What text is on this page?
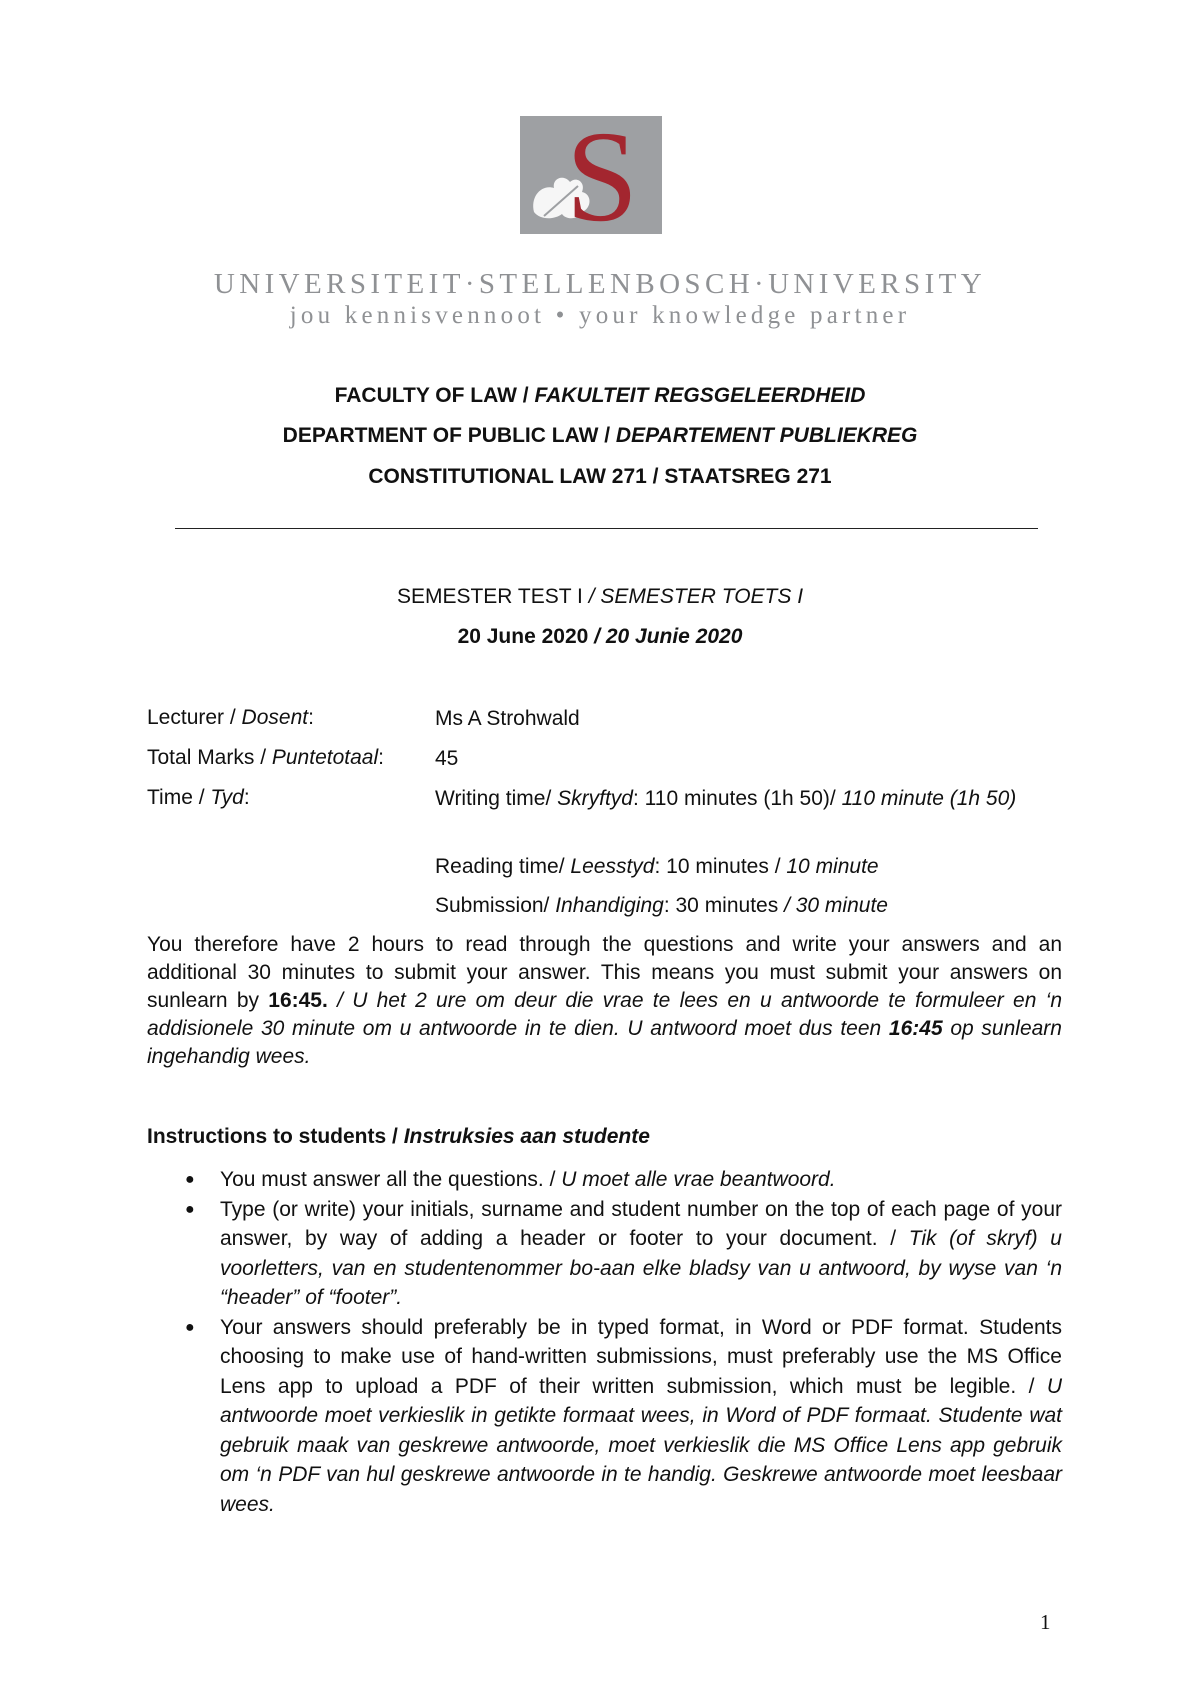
S
UNIVERSITEIT·STELLENBOSCH·UNIVERSITY
jou kennisvennoot • your knowledge partner
FACULTY OF LAW / FAKULTEIT REGSGELEERDHEID
DEPARTMENT OF PUBLIC LAW / DEPARTEMENT PUBLIEKREG
CONSTITUTIONAL LAW 271 / STAATSREG 271
SEMESTER TEST I / SEMESTER TOETS I
20 June 2020 / 20 Junie 2020
Lecturer / Dosent:	Ms A Strohwald
Total Marks / Puntetotaal: 45
Time / Tyd:	Writing time/ Skryftyd: 110 minutes (1h 50)/ 110 minute (1h 50)
Reading time/ Leesstyd: 10 minutes / 10 minute
Submission/ Inhandiging: 30 minutes / 30 minute
You therefore have 2 hours to read through the questions and write your answers and an additional 30 minutes to submit your answer. This means you must submit your answers on sunlearn by 16:45. / U het 2 ure om deur die vrae te lees en u antwoorde te formuleer en ‘n addisionele 30 minute om u antwoorde in te dien. U antwoord moet dus teen 16:45 op sunlearn ingehandig wees.
Instructions to students / Instruksies aan studente
● You must answer all the questions. / U moet alle vrae beantwoord.
● Type (or write) your initials, surname and student number on the top of each page of your answer, by way of adding a header or footer to your document. / Tik (of skryf) u voorletters, van en studentenommer bo-aan elke bladsy van u antwoord, by wyse van ‘n “header” of “footer”.
● Your answers should preferably be in typed format, in Word or PDF format. Students choosing to make use of hand-written submissions, must preferably use the MS Office Lens app to upload a PDF of their written submission, which must be legible. / U antwoorde moet verkieslik in getikte formaat wees, in Word of PDF formaat. Studente wat gebruik maak van geskrewe antwoorde, moet verkieslik die MS Office Lens app gebruik om ‘n PDF van hul geskrewe antwoorde in te handig. Geskrewe antwoorde moet leesbaar wees.
1
